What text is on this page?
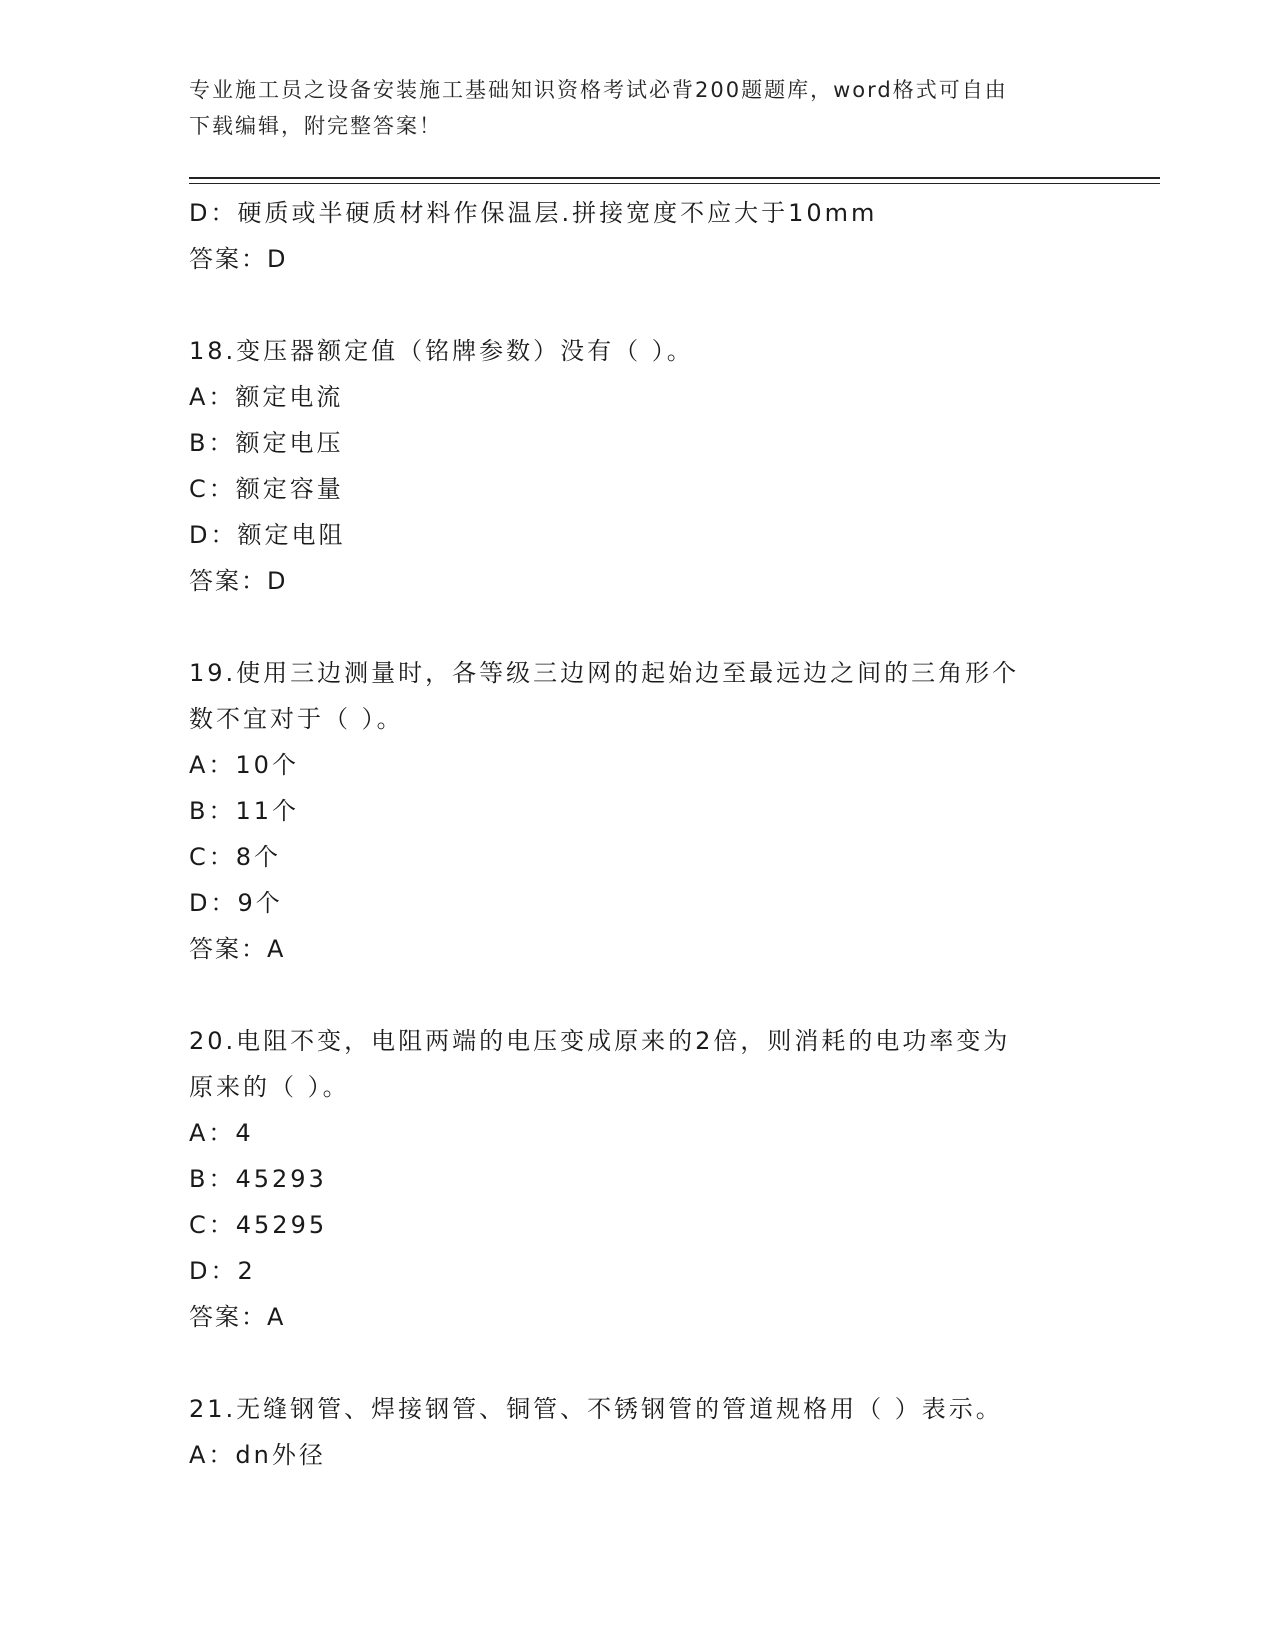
专业施工员之设备安装施工基础知识资格考试必背200题题库，word格式可自由
下载编辑，附完整答案！
D：硬质或半硬质材料作保温层.拼接宽度不应大于10mm
答案：D
18.变压器额定值（铭牌参数）没有（ ）。
A：额定电流
B：额定电压
C：额定容量
D：额定电阻
答案：D
19.使用三边测量时，各等级三边网的起始边至最远边之间的三角形个
数不宜对于（ ）。
A：10个
B：11个
C：8个
D：9个
答案：A
20.电阻不变，电阻两端的电压变成原来的2倍，则消耗的电功率变为
原来的（ ）。
A：4
B：45293
C：45295
D：2
答案：A
21.无缝钢管、焊接钢管、铜管、不锈钢管的管道规格用（ ）表示。
A：dn外径
